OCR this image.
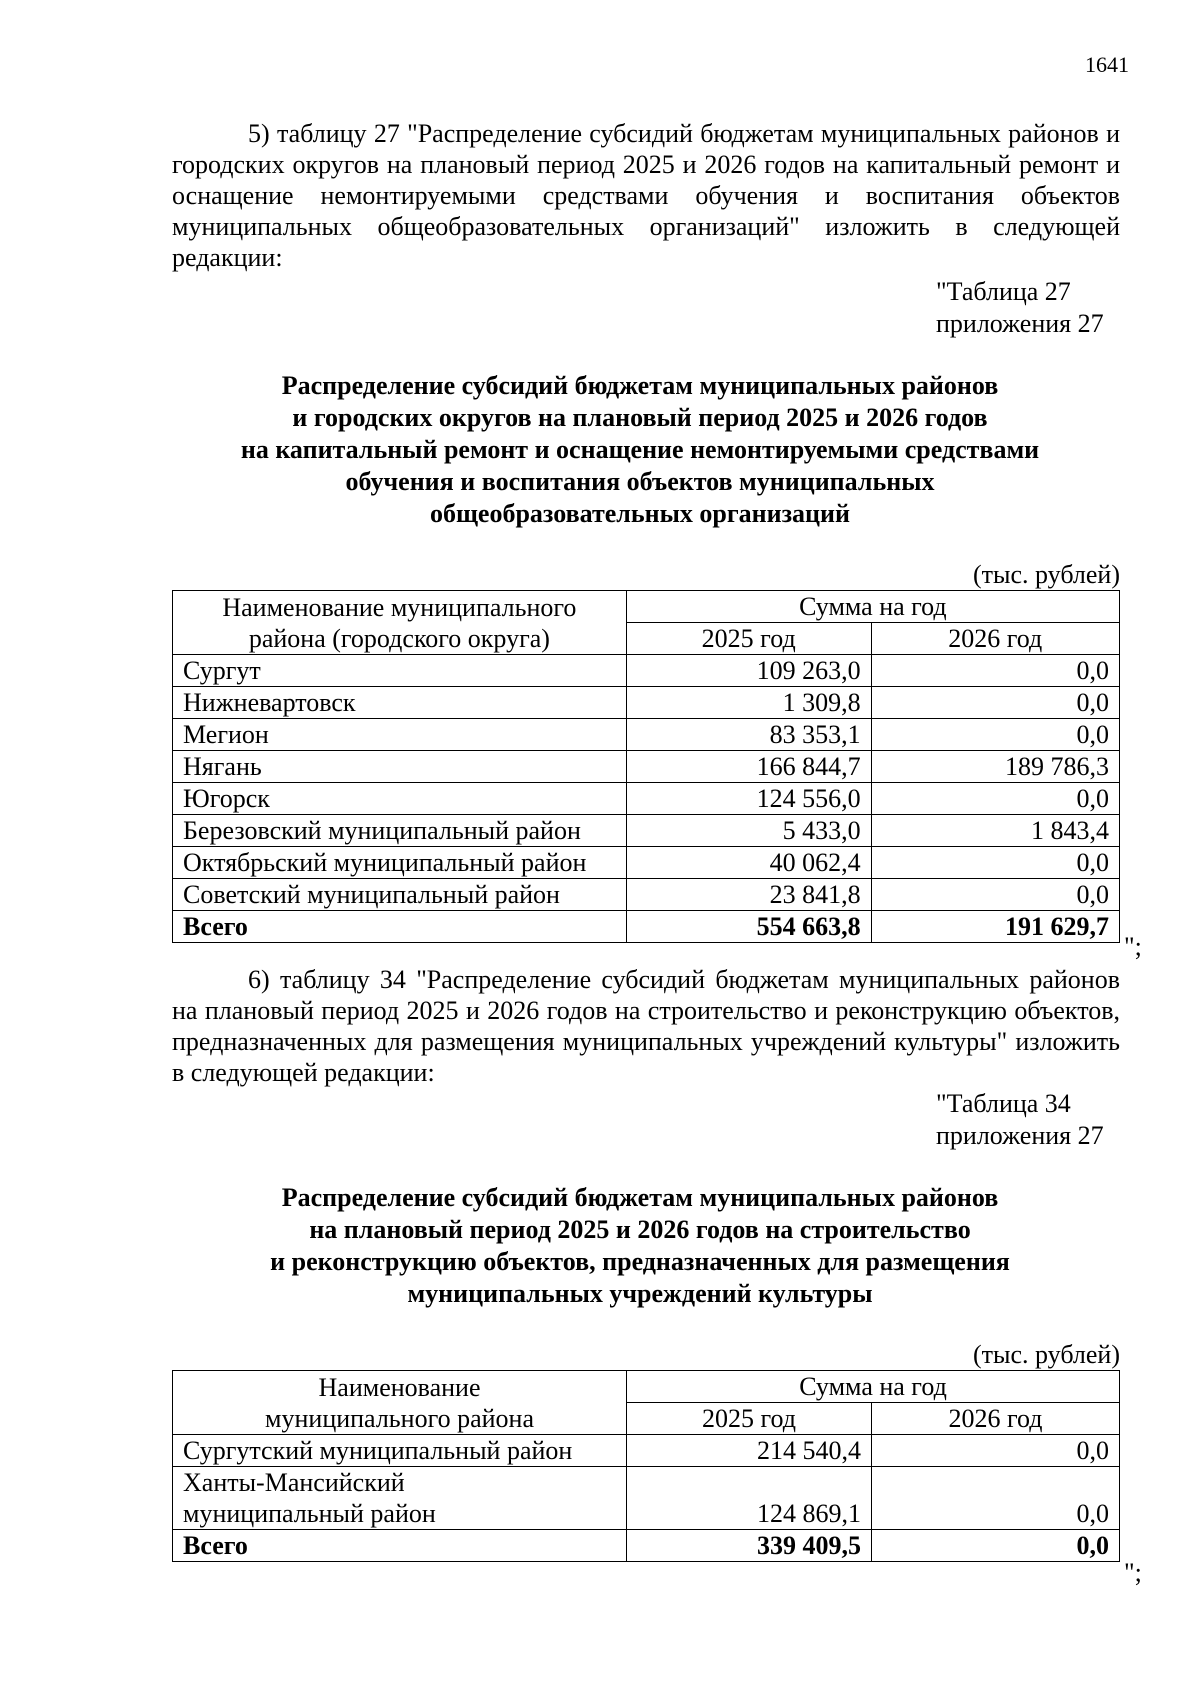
1641

5) таблицу 27 "Распределение субсидий бюджетам муниципальных районов и городских округов на плановый период 2025 и 2026 годов на капитальный ремонт и оснащение немонтируемыми средствами обучения и воспитания объектов муниципальных общеобразовательных организаций" изложить в следующей редакции:

"Таблица 27
приложения 27
Распределение субсидий бюджетам муниципальных районов
и городских округов на плановый период 2025 и 2026 годов
на капитальный ремонт и оснащение немонтируемыми средствами
обучения и воспитания объектов муниципальных
общеобразовательных организаций
(тыс. рублей)
Наименование муниципального
района (городского округа)	Сумма на год	
	2025 год	2026 год
Сургут	109 263,0	0,0
Нижневартовск	1 309,8	0,0
Мегион	83 353,1	0,0
Нягань	166 844,7	189 786,3
Югорск	124 556,0	0,0
Березовский муниципальный район	5 433,0	1 843,4
Октябрьский муниципальный район	40 062,4	0,0
Советский муниципальный район	23 841,8	0,0
Всего	554 663,8	191 629,7
";

6) таблицу 34 "Распределение субсидий бюджетам муниципальных районов на плановый период 2025 и 2026 годов на строительство и реконструкцию объектов, предназначенных для размещения муниципальных учреждений культуры" изложить в следующей редакции:

"Таблица 34
приложения 27
Распределение субсидий бюджетам муниципальных районов
на плановый период 2025 и 2026 годов на строительство
и реконструкцию объектов, предназначенных для размещения
муниципальных учреждений культуры
(тыс. рублей)
Наименование
муниципального района	Сумма на год	
	2025 год	2026 год
Сургутский муниципальный район	214 540,4	0,0

Ханты-Мансийский
муниципальный район	124 869,1	0,0
Всего	339 409,5	0,0
";
